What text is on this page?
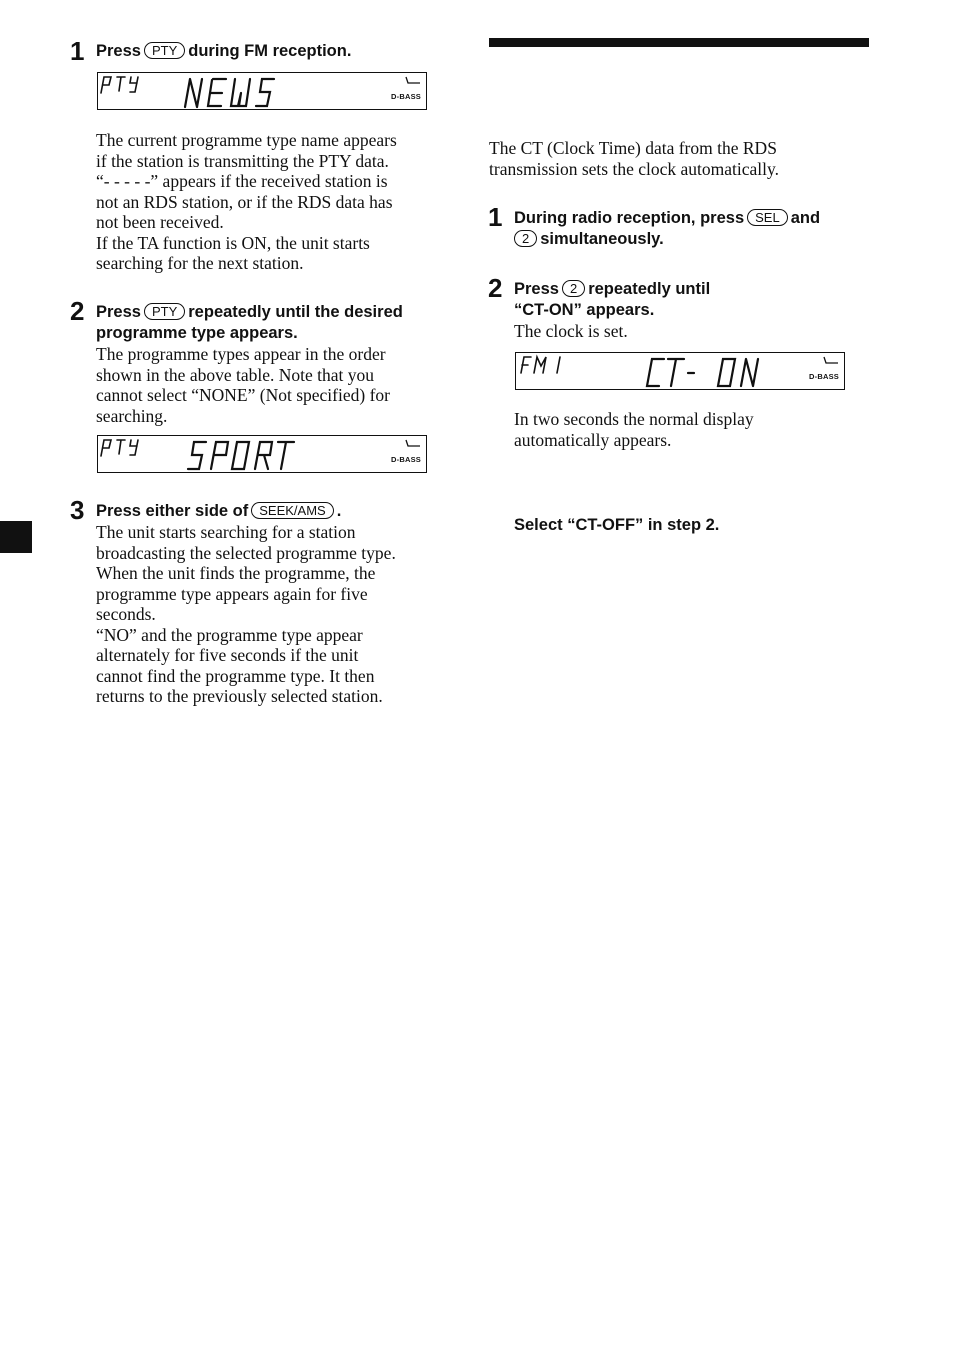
1 Press PTY during FM reception.
D-BASS

The current programme type name appears

if the station is transmitting the PTY data.

“- - - - -” appears if the received station is

not an RDS station, or if the RDS data has

not been received.

If the TA function is ON, the unit starts

searching for the next station.

2 Press PTY repeatedly until the desired
programme type appears.

The programme types appear in the order

shown in the above table. Note that you

cannot select “NONE” (Not specified) for

searching.

D-BASS
3 Press either side of SEEK/AMS .

The unit starts searching for a station

broadcasting the selected programme type.

When the unit finds the programme, the

programme type appears again for five

seconds.

“NO” and the programme type appear

alternately for five seconds if the unit

cannot find the programme type. It then

returns to the previously selected station.

The CT (Clock Time) data from the RDS

transmission sets the clock automatically.

1 During radio reception, press SEL and
2 simultaneously.
2 Press 2 repeatedly until
“CT-ON” appears.
The clock is set.
D-BASS

In two seconds the normal display

automatically appears.

Select “CT-OFF” in step 2.
